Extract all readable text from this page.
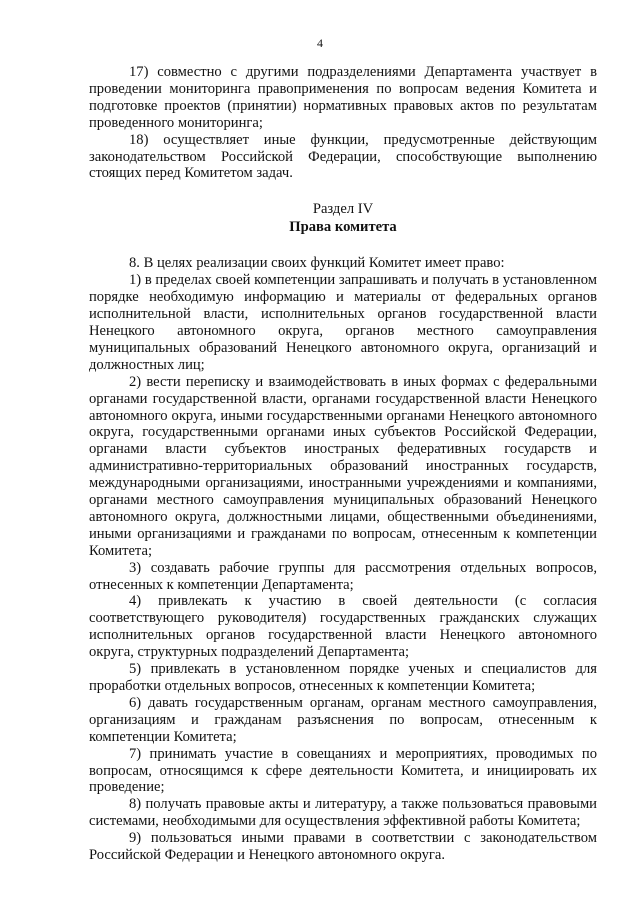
4

17) совместно с другими подразделениями Департамента участвует в проведении мониторинга правоприменения по вопросам ведения Комитета и подготовке проектов (принятии) нормативных правовых актов по результатам проведенного мониторинга;

18) осуществляет иные функции, предусмотренные действующим законодательством Российской Федерации, способствующие выполнению стоящих перед Комитетом задач.

Раздел IV
Права комитета

8. В целях реализации своих функций Комитет имеет право:

1) в пределах своей компетенции запрашивать и получать в установленном порядке необходимую информацию и материалы от федеральных органов исполнительной власти, исполнительных органов государственной власти Ненецкого автономного округа, органов местного самоуправления муниципальных образований Ненецкого автономного округа, организаций и должностных лиц;

2) вести переписку и взаимодействовать в иных формах с федеральными органами государственной власти, органами государственной власти Ненецкого автономного округа, иными государственными органами Ненецкого автономного округа, государственными органами иных субъектов Российской Федерации, органами власти субъектов иностраных федеративных государств и административно-территориальных образований иностранных государств, международными организациями, иностранными учреждениями и компаниями, органами местного самоуправления муниципальных образований Ненецкого автономного округа, должностными лицами, общественными объединениями, иными организациями и гражданами по вопросам, отнесенным к компетенции Комитета;

3) создавать рабочие группы для рассмотрения отдельных вопросов, отнесенных к компетенции Департамента;

4) привлекать к участию в своей деятельности (с согласия соответствующего руководителя) государственных гражданских служащих исполнительных органов государственной власти Ненецкого автономного округа, структурных подразделений Департамента;

5) привлекать в установленном порядке ученых и специалистов для проработки отдельных вопросов, отнесенных к компетенции Комитета;

6) давать государственным органам, органам местного самоуправления, организациям и гражданам разъяснения по вопросам, отнесенным к компетенции Комитета;

7) принимать участие в совещаниях и мероприятиях, проводимых по вопросам, относящимся к сфере деятельности Комитета, и инициировать их проведение;

8) получать правовые акты и литературу, а также пользоваться правовыми системами, необходимыми для осуществления эффективной работы Комитета;

9) пользоваться иными правами в соответствии с законодательством Российской Федерации и Ненецкого автономного округа.
